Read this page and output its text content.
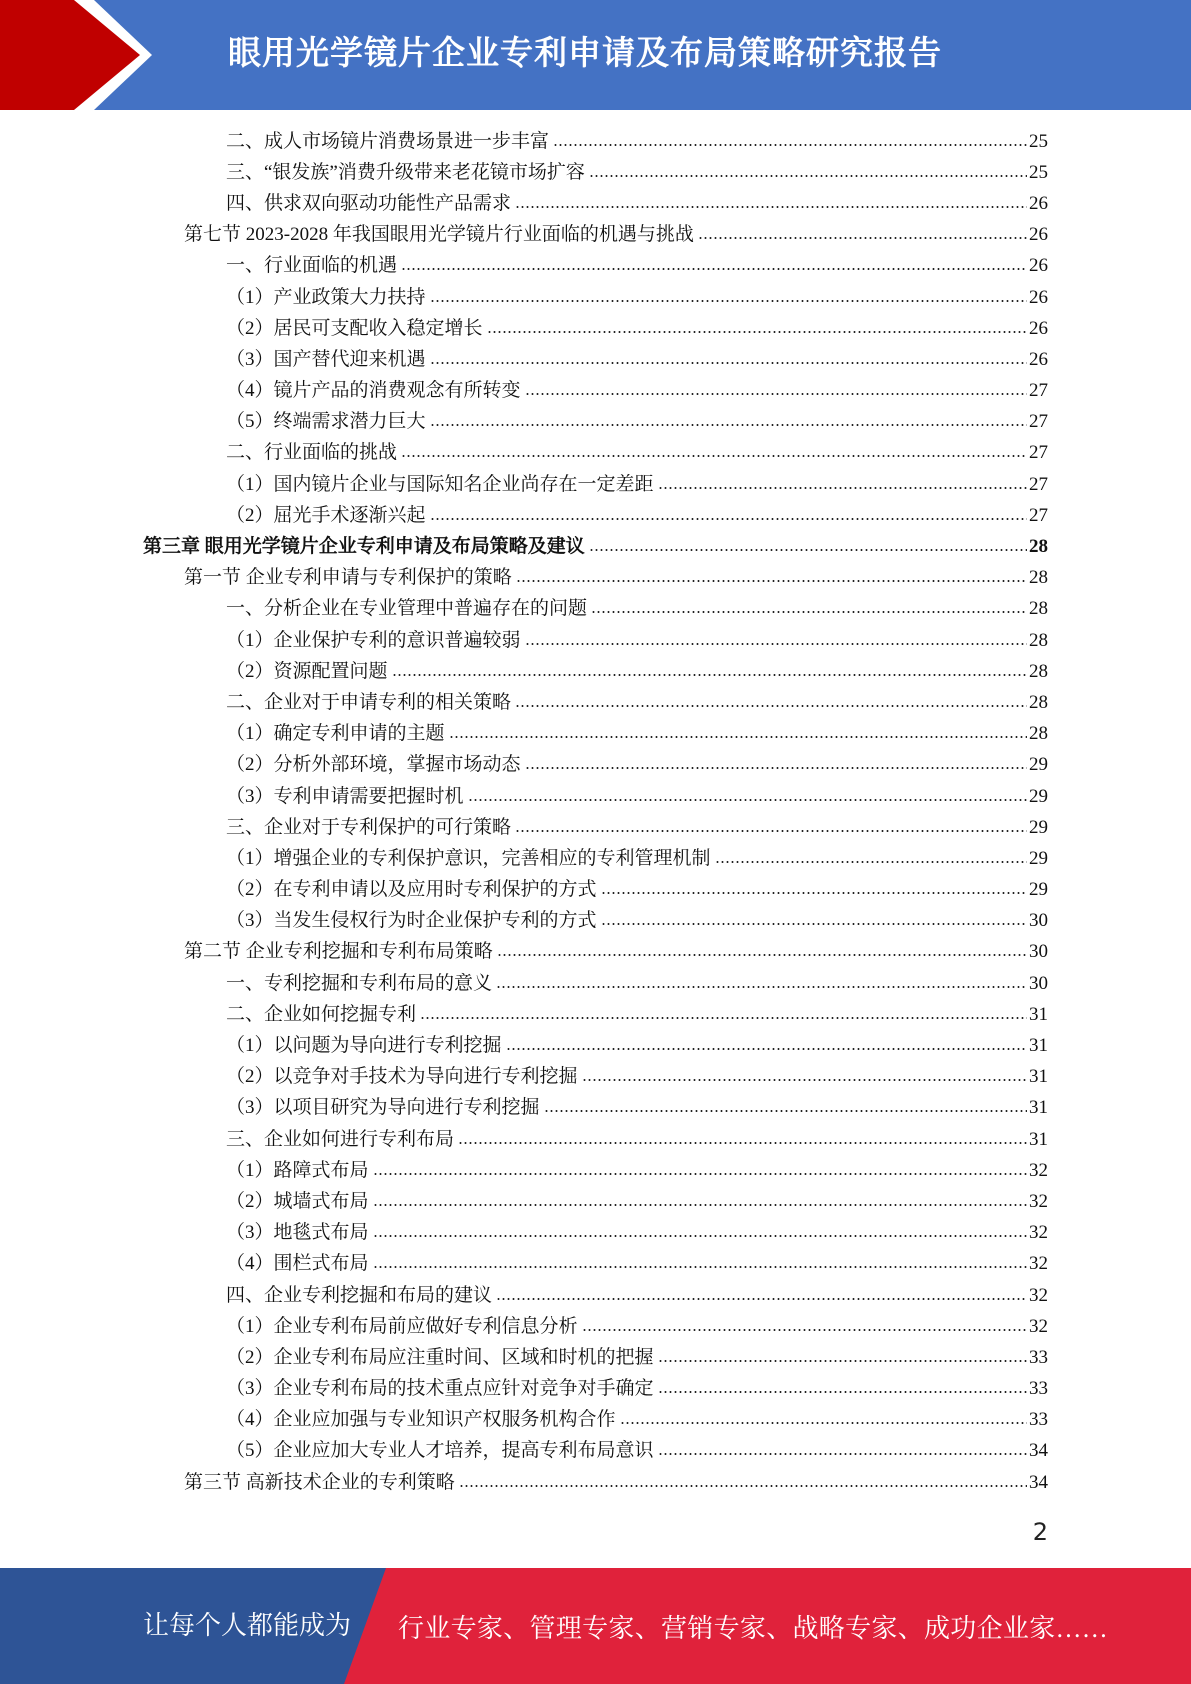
眼用光学镜片企业专利申请及布局策略研究报告
二、成人市场镜片消费场景进一步丰富	25
三、“银发族”消费升级带来老花镜市场扩容	25
四、供求双向驱动功能性产品需求	26
第七节 2023-2028 年我国眼用光学镜片行业面临的机遇与挑战	26
一、行业面临的机遇	26
（1）产业政策大力扶持	26
（2）居民可支配收入稳定增长	26
（3）国产替代迎来机遇	26
（4）镜片产品的消费观念有所转变	27
（5）终端需求潜力巨大	27
二、行业面临的挑战	27
（1）国内镜片企业与国际知名企业尚存在一定差距	27
（2）屈光手术逐渐兴起	27
第三章 眼用光学镜片企业专利申请及布局策略及建议	28
第一节 企业专利申请与专利保护的策略	28
一、分析企业在专业管理中普遍存在的问题	28
（1）企业保护专利的意识普遍较弱	28
（2）资源配置问题	28
二、企业对于申请专利的相关策略	28
（1）确定专利申请的主题	28
（2）分析外部环境，掌握市场动态	29
（3）专利申请需要把握时机	29
三、企业对于专利保护的可行策略	29
（1）增强企业的专利保护意识，完善相应的专利管理机制	29
（2）在专利申请以及应用时专利保护的方式	29
（3）当发生侵权行为时企业保护专利的方式	30
第二节 企业专利挖掘和专利布局策略	30
一、专利挖掘和专利布局的意义	30
二、企业如何挖掘专利	31
（1）以问题为导向进行专利挖掘	31
（2）以竞争对手技术为导向进行专利挖掘	31
（3）以项目研究为导向进行专利挖掘	31
三、企业如何进行专利布局	31
（1）路障式布局	32
（2）城墙式布局	32
（3）地毯式布局	32
（4）围栏式布局	32
四、企业专利挖掘和布局的建议	32
（1）企业专利布局前应做好专利信息分析	32
（2）企业专利布局应注重时间、区域和时机的把握	33
（3）企业专利布局的技术重点应针对竞争对手确定	33
（4）企业应加强与专业知识产权服务机构合作	33
（5）企业应加大专业人才培养，提高专利布局意识	34
第三节 高新技术企业的专利策略	34
2
让每个人都能成为 行业专家、管理专家、营销专家、战略专家、成功企业家……
